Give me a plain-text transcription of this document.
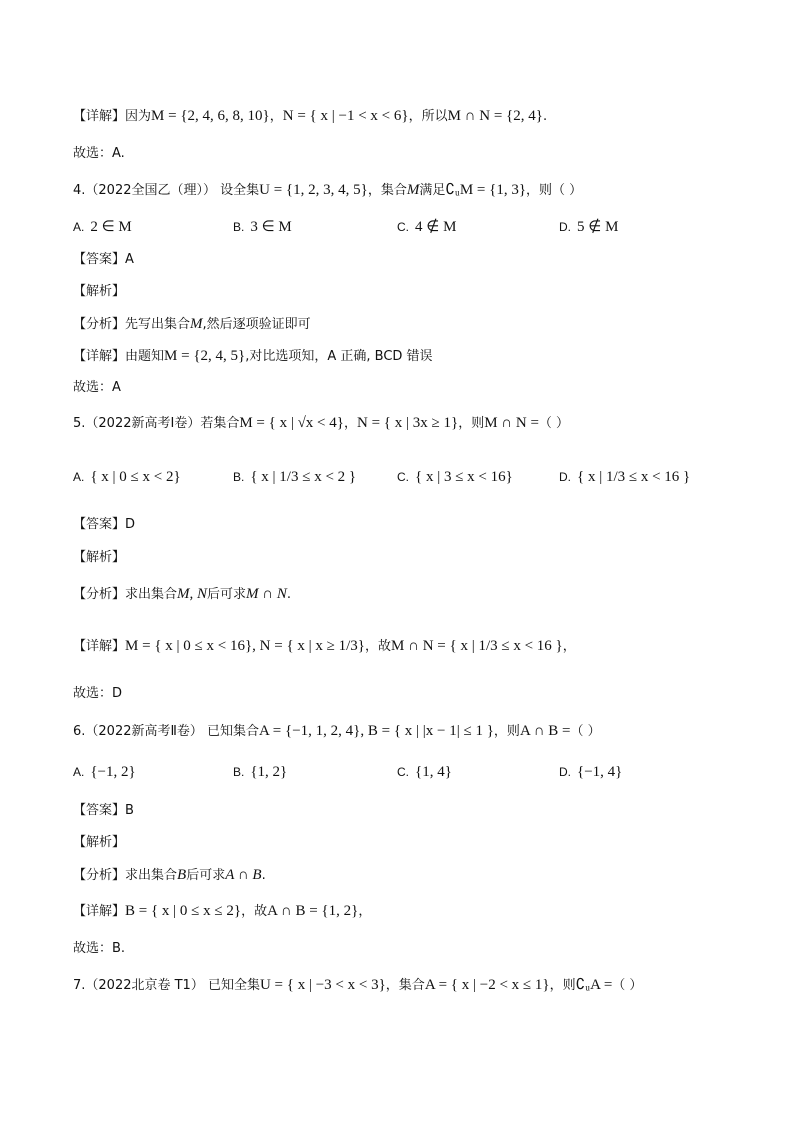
【详解】因为M = {2, 4, 6, 8, 10}，N = { x | −1 < x < 6}，所以M ∩ N = {2, 4}.
故选：A.
4.（2022全国乙（理）） 设全集U = {1, 2, 3, 4, 5}，集合M满足∁ᵤM = {1, 3}，则（ ）
A. 2 ∈ M	B. 3 ∈ M	C. 4 ∉ M	D. 5 ∉ M
【答案】A
【解析】
【分析】先写出集合M,然后逐项验证即可
【详解】由题知M = {2, 4, 5},对比选项知，A 正确, BCD 错误
故选：A
5.（2022新高考Ⅰ卷）若集合M = { x | √x < 4}，N = { x | 3x ≥ 1}，则M ∩ N =（ ）
A. { x | 0 ≤ x < 2}	B. { x | 1/3 ≤ x < 2 }	C. { x | 3 ≤ x < 16}	D. { x | 1/3 ≤ x < 16 }
【答案】D
【解析】
【分析】求出集合M, N后可求M ∩ N.
【详解】M = { x | 0 ≤ x < 16}, N = { x | x ≥ 1/3}，故M ∩ N = { x | 1/3 ≤ x < 16 }，
故选：D
6.（2022新高考Ⅱ卷） 已知集合A = {−1, 1, 2, 4}, B = { x | |x − 1| ≤ 1 }，则A ∩ B =（ ）
A. {−1, 2}	B. {1, 2}	C. {1, 4}	D. {−1, 4}
【答案】B
【解析】
【分析】求出集合B后可求A ∩ B.
【详解】B = { x | 0 ≤ x ≤ 2}，故A ∩ B = {1, 2}，
故选：B.
7.（2022北京卷 T1） 已知全集U = { x | −3 < x < 3}，集合A = { x | −2 < x ≤ 1}，则∁ᵤA =（ ）
